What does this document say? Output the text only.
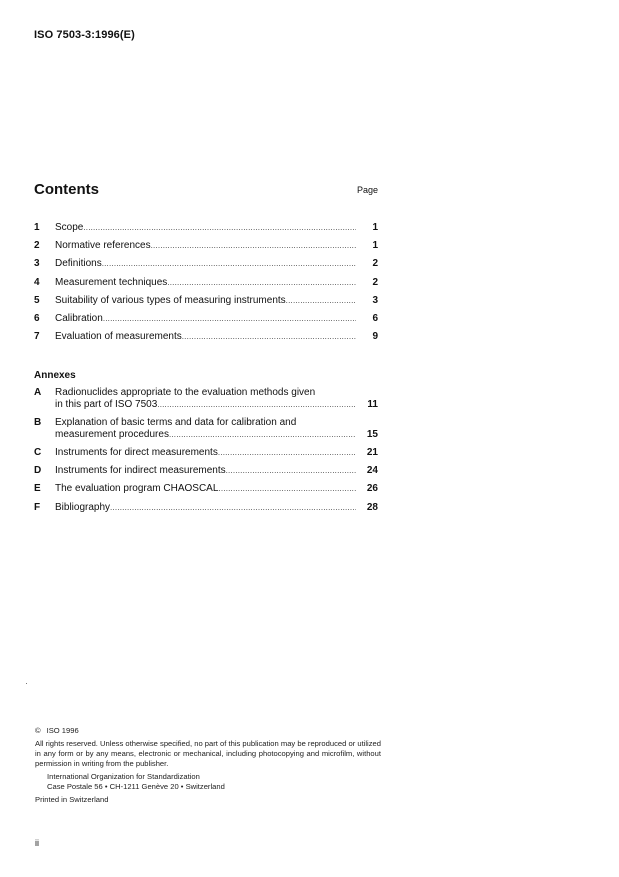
ISO 7503-3:1996(E)
Contents	Page
1	Scope .....	1
2	Normative references .....	1
3	Definitions .....	2
4	Measurement techniques .....	2
5	Suitability of various types of measuring instruments .....	3
6	Calibration .....	6
7	Evaluation of measurements .....	9
Annexes
A	Radionuclides appropriate to the evaluation methods given
in this part of ISO 7503 .....	11
B	Explanation of basic terms and data for calibration and
measurement procedures .....	15
C	Instruments for direct measurements .....	21
D	Instruments for indirect measurements .....	24
E	The evaluation program CHAOSCAL .....	26
F	Bibliography .....	28

© ISO 1996

All rights reserved. Unless otherwise specified, no part of this publication may be reproduced or utilized in any form or by any means, electronic or mechanical, including photocopying and microfilm, without permission in writing from the publisher.

International Organization for Standardization

Case Postale 56 • CH-1211 Genève 20 • Switzerland

Printed in Switzerland

ii
